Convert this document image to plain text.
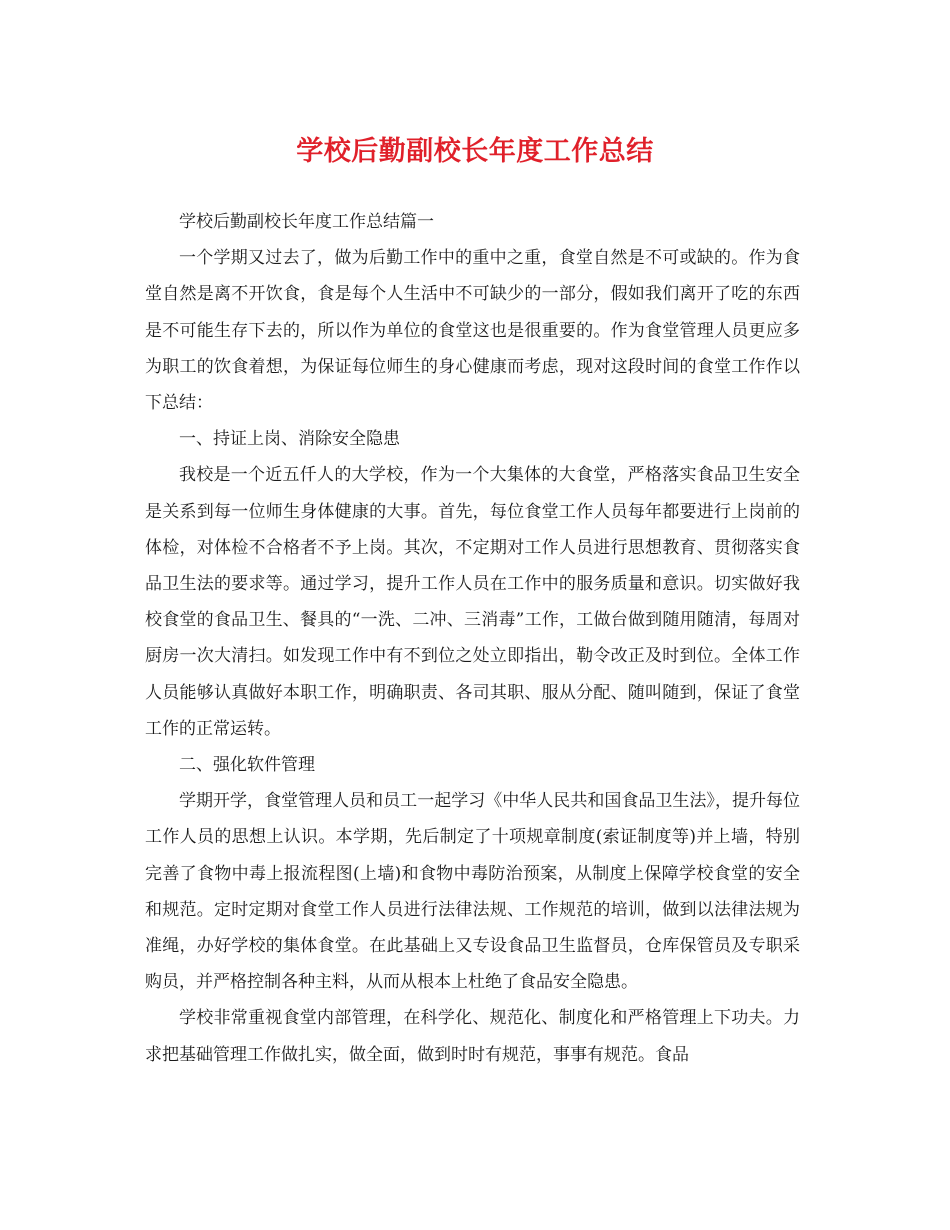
学校后勤副校长年度工作总结

学校后勤副校长年度工作总结篇一

一个学期又过去了，做为后勤工作中的重中之重，食堂自然是不可或缺的。作为食堂自然是离不开饮食，食是每个人生活中不可缺少的一部分，假如我们离开了吃的东西是不可能生存下去的，所以作为单位的食堂这也是很重要的。作为食堂管理人员更应多为职工的饮食着想，为保证每位师生的身心健康而考虑，现对这段时间的食堂工作作以下总结：

一、持证上岗、消除安全隐患

我校是一个近五仟人的大学校，作为一个大集体的大食堂，严格落实食品卫生安全是关系到每一位师生身体健康的大事。首先，每位食堂工作人员每年都要进行上岗前的体检，对体检不合格者不予上岗。其次，不定期对工作人员进行思想教育、贯彻落实食品卫生法的要求等。通过学习，提升工作人员在工作中的服务质量和意识。切实做好我校食堂的食品卫生、餐具的“一洗、二冲、三消毒”工作，工做台做到随用随清，每周对厨房一次大清扫。如发现工作中有不到位之处立即指出，勒令改正及时到位。全体工作人员能够认真做好本职工作，明确职责、各司其职、服从分配、随叫随到，保证了食堂工作的正常运转。

二、强化软件管理

学期开学，食堂管理人员和员工一起学习《中华人民共和国食品卫生法》，提升每位工作人员的思想上认识。本学期，先后制定了十项规章制度(索证制度等)并上墙，特别完善了食物中毒上报流程图(上墙)和食物中毒防治预案，从制度上保障学校食堂的安全和规范。定时定期对食堂工作人员进行法律法规、工作规范的培训，做到以法律法规为准绳，办好学校的集体食堂。在此基础上又专设食品卫生监督员，仓库保管员及专职采购员，并严格控制各种主料，从而从根本上杜绝了食品安全隐患。

学校非常重视食堂内部管理，在科学化、规范化、制度化和严格管理上下功夫。力求把基础管理工作做扎实，做全面，做到时时有规范，事事有规范。食品
